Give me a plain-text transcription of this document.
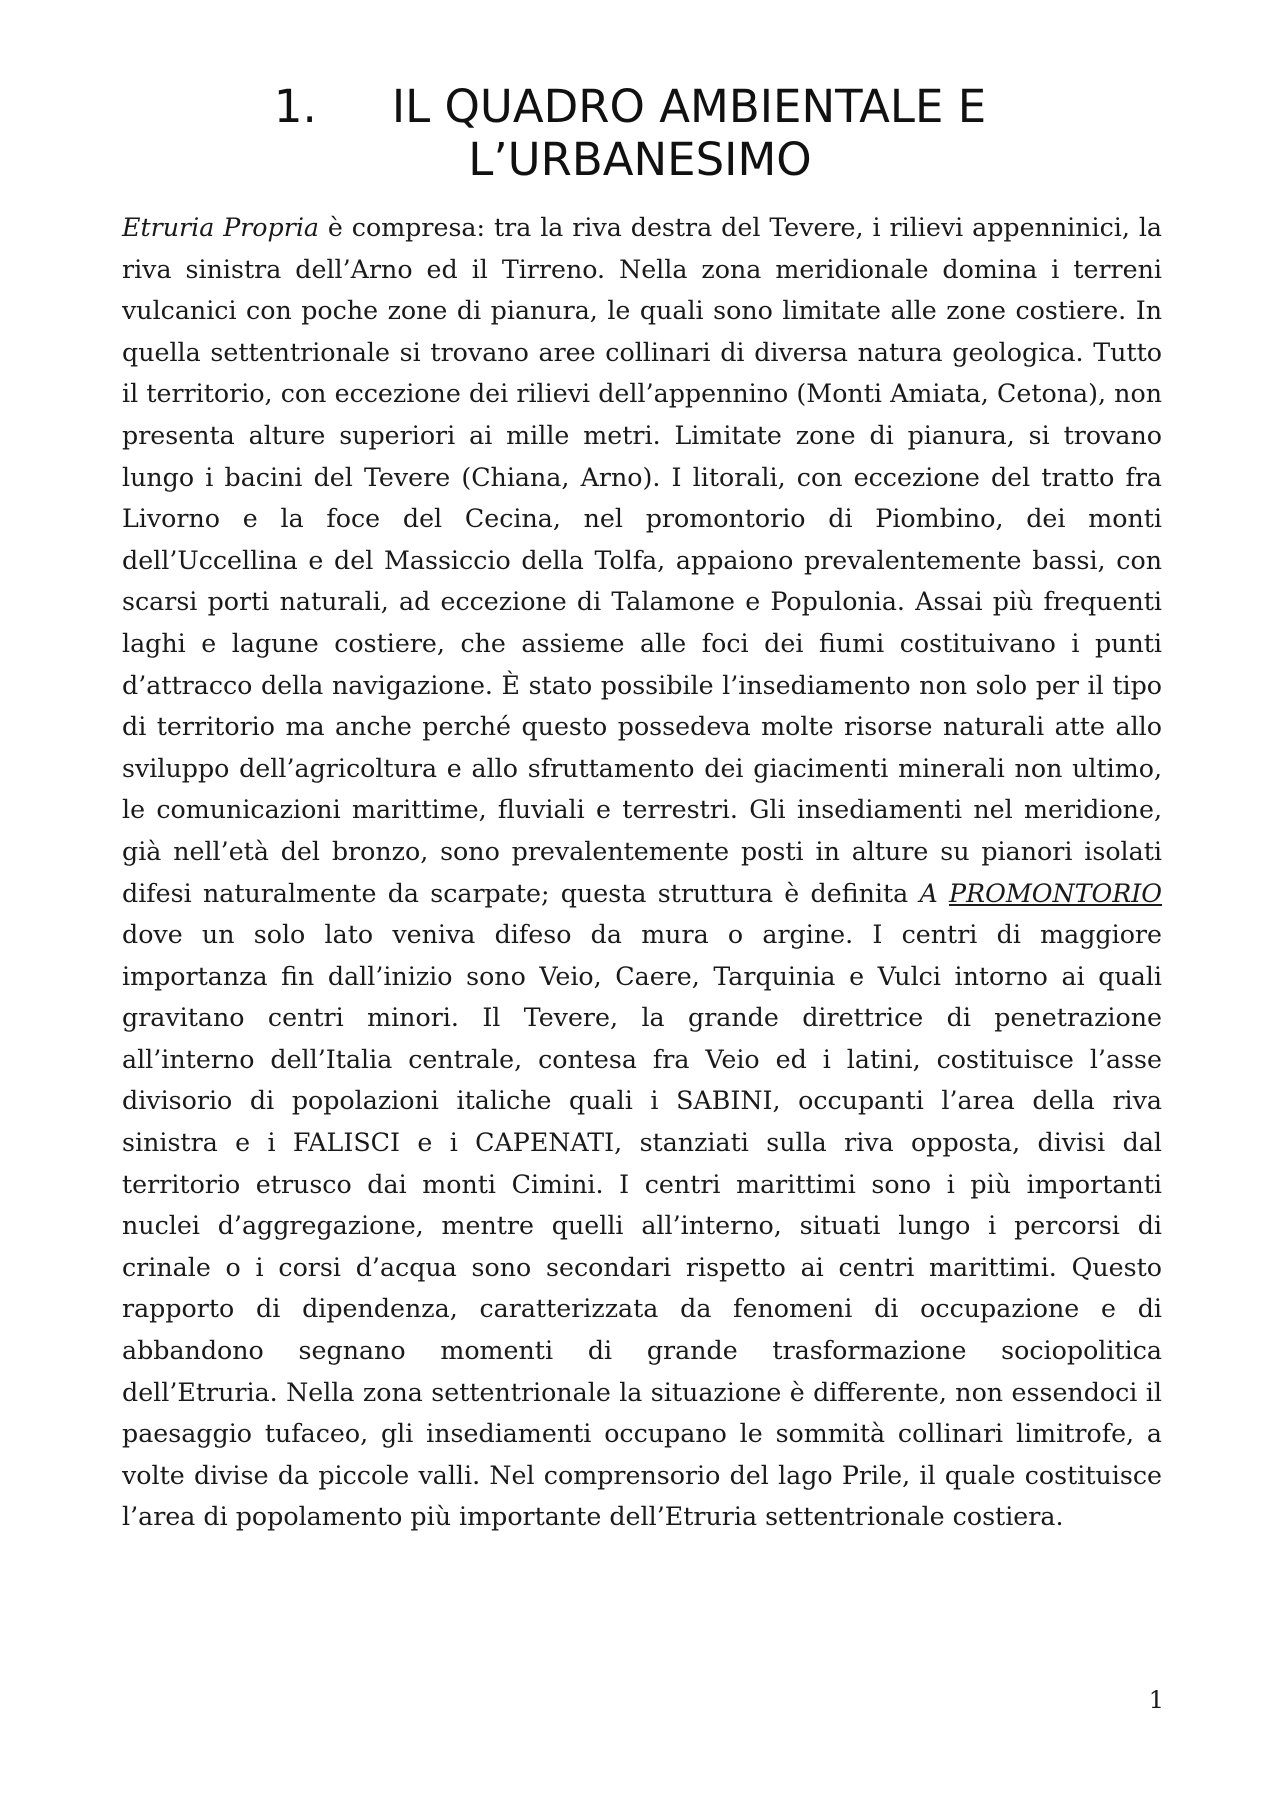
1. IL QUADRO AMBIENTALE E
L’URBANESIMO

Etruria Propria è compresa: tra la riva destra del Tevere, i rilievi appenninici, la riva sinistra dell’Arno ed il Tirreno. Nella zona meridionale domina i terreni vulcanici con poche zone di pianura, le quali sono limitate alle zone costiere. In quella settentrionale si trovano aree collinari di diversa natura geologica. Tutto il territorio, con eccezione dei rilievi dell’appennino (Monti Amiata, Cetona), non presenta alture superiori ai mille metri. Limitate zone di pianura, si trovano lungo i bacini del Tevere (Chiana, Arno). I litorali, con eccezione del tratto fra Livorno e la foce del Cecina, nel promontorio di Piombino, dei monti dell’Uccellina e del Massiccio della Tolfa, appaiono prevalentemente bassi, con scarsi porti naturali, ad eccezione di Talamone e Populonia. Assai più frequenti laghi e lagune costiere, che assieme alle foci dei fiumi costituivano i punti d’attracco della navigazione. È stato possibile l’insediamento non solo per il tipo di territorio ma anche perché questo possedeva molte risorse naturali atte allo sviluppo dell’agricoltura e allo sfruttamento dei giacimenti minerali non ultimo, le comunicazioni marittime, fluviali e terrestri. Gli insediamenti nel meridione, già nell’età del bronzo, sono prevalentemente posti in alture su pianori isolati difesi naturalmente da scarpate; questa struttura è definita A PROMONTORIO dove un solo lato veniva difeso da mura o argine. I centri di maggiore importanza fin dall’inizio sono Veio, Caere, Tarquinia e Vulci intorno ai quali gravitano centri minori. Il Tevere, la grande direttrice di penetrazione all’interno dell’Italia centrale, contesa fra Veio ed i latini, costituisce l’asse divisorio di popolazioni italiche quali i SABINI, occupanti l’area della riva sinistra e i FALISCI e i CAPENATI, stanziati sulla riva opposta, divisi dal territorio etrusco dai monti Cimini. I centri marittimi sono i più importanti nuclei d’aggregazione, mentre quelli all’interno, situati lungo i percorsi di crinale o i corsi d’acqua sono secondari rispetto ai centri marittimi. Questo rapporto di dipendenza, caratterizzata da fenomeni di occupazione e di abbandono segnano momenti di grande trasformazione sociopolitica dell’Etruria. Nella zona settentrionale la situazione è differente, non essendoci il paesaggio tufaceo, gli insediamenti occupano le sommità collinari limitrofe, a volte divise da piccole valli. Nel comprensorio del lago Prile, il quale costituisce l’area di popolamento più importante dell’Etruria settentrionale costiera.

1
